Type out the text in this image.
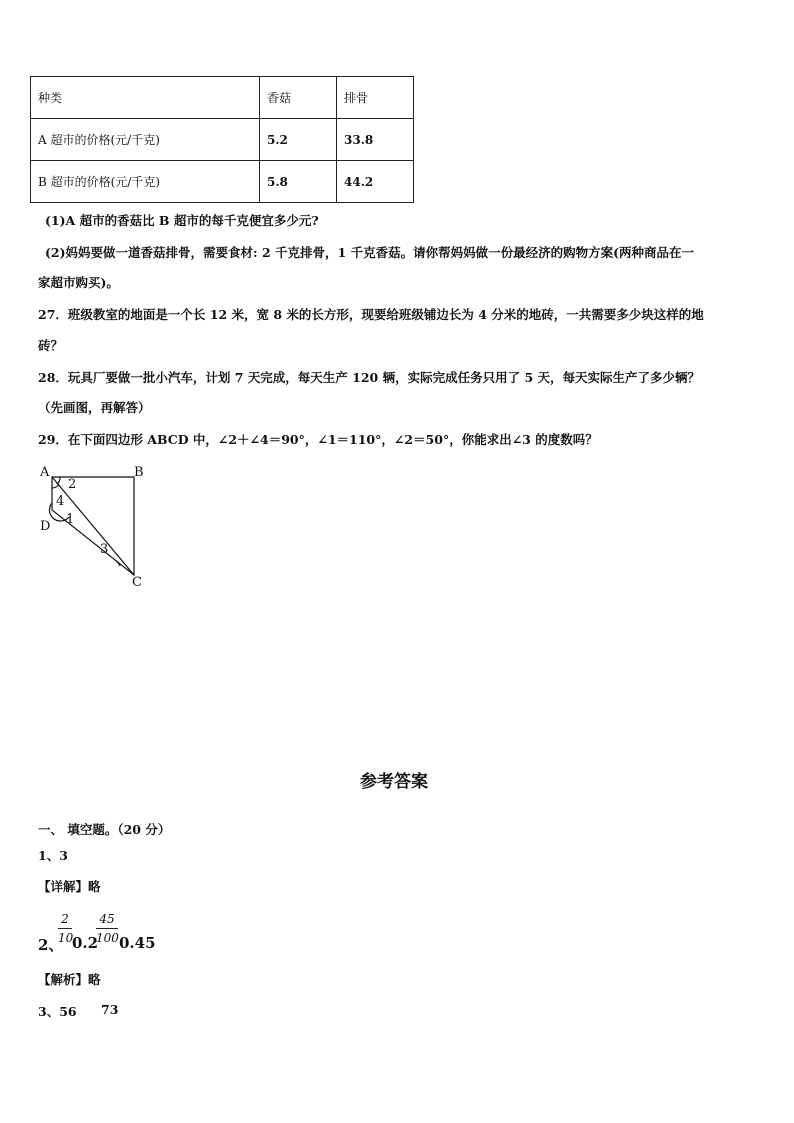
种类	香菇	排骨
A 超市的价格(元/千克)	5.2	33.8
B 超市的价格(元/千克)	5.8	44.2
(1)A 超市的香菇比 B 超市的每千克便宜多少元?
(2)妈妈要做一道香菇排骨，需要食材: 2 千克排骨，1 千克香菇。请你帮妈妈做一份最经济的购物方案(两种商品在一
家超市购买)。
27．班级教室的地面是一个长 12 米，宽 8 米的长方形，现要给班级铺边长为 4 分米的地砖，一共需要多少块这样的地
砖？
28．玩具厂要做一批小汽车，计划 7 天完成，每天生产 120 辆，实际完成任务只用了 5 天，每天实际生产了多少辆？
（先画图，再解答）
29．在下面四边形 ABCD 中，∠2＋∠4＝90°，∠1＝110°，∠2＝50°，你能求出∠3 的度数吗？
A	B
C
D
2
4
1
3
参考答案
一、 填空题。（20 分）
1、3
【详解】略
2、
2
10
0.2
45
100 0.45
【解析】略
3、56 73
